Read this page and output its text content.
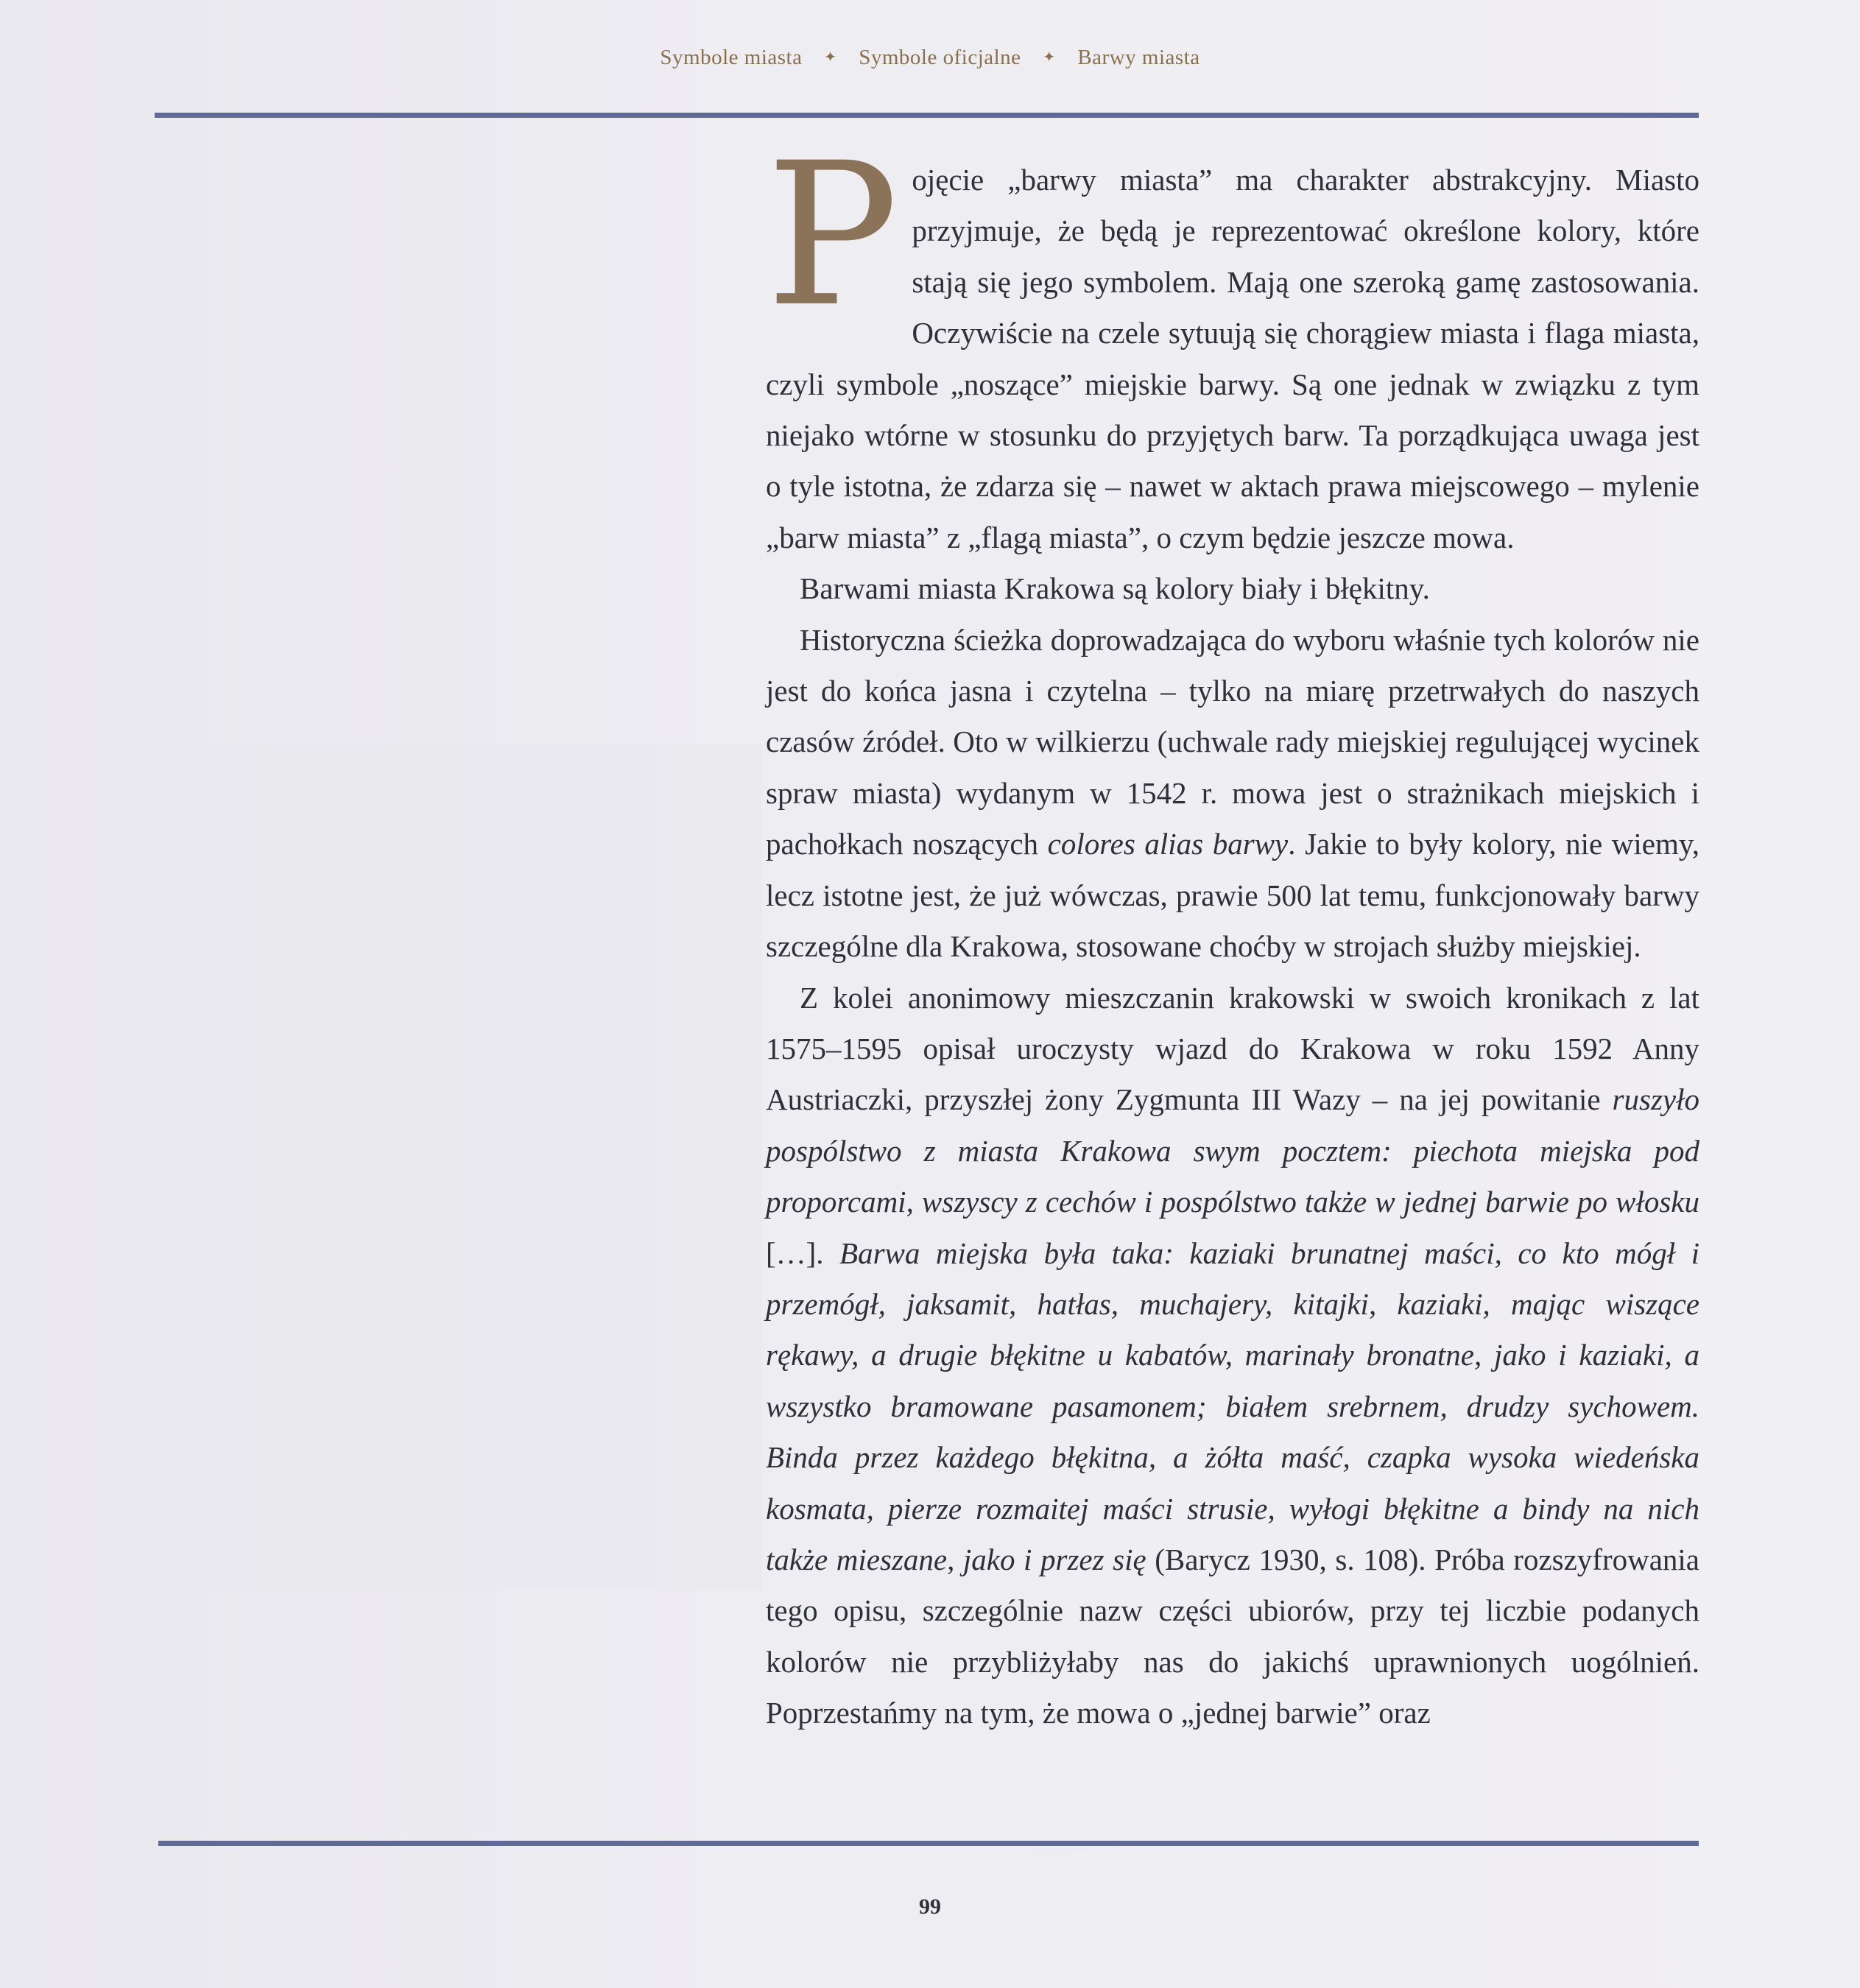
Symbole miasta ✦ Symbole oficjalne ✦ Barwy miasta

Pojęcie „barwy miasta” ma charakter abstrakcyjny. Miasto przyjmuje, że będą je reprezentować określone kolory, które stają się jego symbolem. Mają one szeroką gamę zastosowania. Oczywiście na czele sytuują się chorągiew miasta i flaga miasta, czyli symbole „noszące” miejskie barwy. Są one jednak w związku z tym niejako wtórne w stosunku do przyjętych barw. Ta porządkująca uwaga jest o tyle istotna, że zdarza się – nawet w aktach prawa miejscowego – mylenie „barw miasta” z „flagą miasta”, o czym będzie jeszcze mowa.

Barwami miasta Krakowa są kolory biały i błękitny.

Historyczna ścieżka doprowadzająca do wyboru właśnie tych kolorów nie jest do końca jasna i czytelna – tylko na miarę przetrwałych do naszych czasów źródeł. Oto w wilkierzu (uchwale rady miejskiej regulującej wycinek spraw miasta) wydanym w 1542 r. mowa jest o strażnikach miejskich i pachołkach noszących colores alias barwy. Jakie to były kolory, nie wiemy, lecz istotne jest, że już wówczas, prawie 500 lat temu, funkcjonowały barwy szczególne dla Krakowa, stosowane choćby w strojach służby miejskiej.

Z kolei anonimowy mieszczanin krakowski w swoich kronikach z lat 1575–1595 opisał uroczysty wjazd do Krakowa w roku 1592 Anny Austriaczki, przyszłej żony Zygmunta III Wazy – na jej powitanie ruszyło pospólstwo z miasta Krakowa swym pocztem: piechota miejska pod proporcami, wszyscy z cechów i pospólstwo także w jednej barwie po włosku […]. Barwa miejska była taka: kaziaki brunatnej maści, co kto mógł i przemógł, jaksamit, hatłas, muchajery, kitajki, kaziaki, mając wiszące rękawy, a drugie błękitne u kabatów, marinały bronatne, jako i kaziaki, a wszystko bramowane pasamonem; białem srebrnem, drudzy sychowem. Binda przez każdego błękitna, a żółta maść, czapka wysoka wiedeńska kosmata, pierze rozmaitej maści strusie, wyłogi błękitne a bindy na nich także mieszane, jako i przez się (Barycz 1930, s. 108). Próba rozszyfrowania tego opisu, szczególnie nazw części ubiorów, przy tej liczbie podanych kolorów nie przybliżyłaby nas do jakichś uprawnionych uogólnień. Poprzestańmy na tym, że mowa o „jednej barwie” oraz

99
